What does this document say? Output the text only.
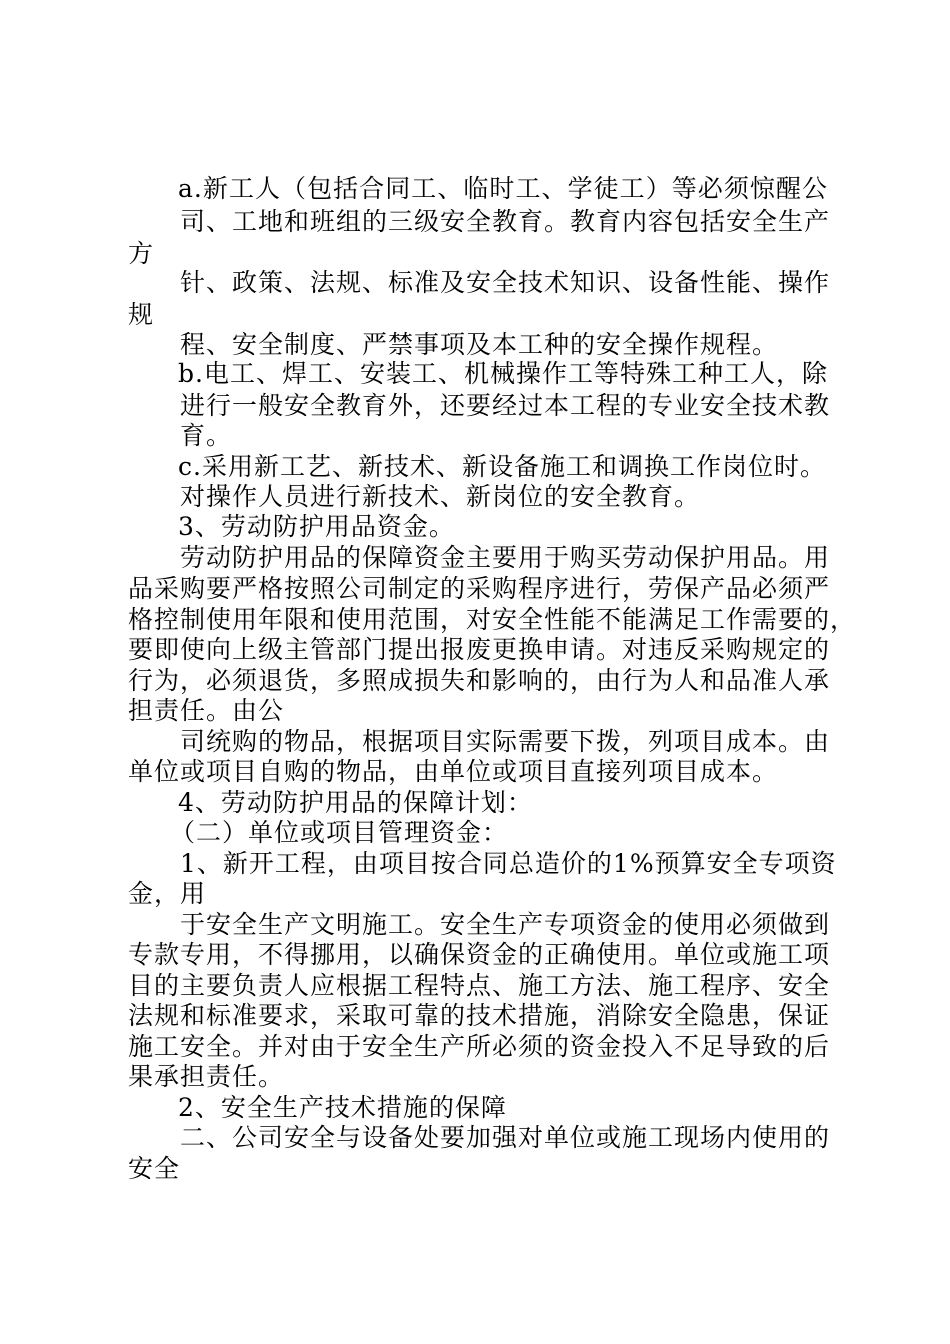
a.新工人（包括合同工、临时工、学徒工）等必须惊醒公
司、工地和班组的三级安全教育。教育内容包括安全生产
方
针、政策、法规、标准及安全技术知识、设备性能、操作
规
程、安全制度、严禁事项及本工种的安全操作规程。
b.电工、焊工、安装工、机械操作工等特殊工种工人，除
进行一般安全教育外，还要经过本工程的专业安全技术教
育。
c.采用新工艺、新技术、新设备施工和调换工作岗位时。
对操作人员进行新技术、新岗位的安全教育。
3、劳动防护用品资金。
劳动防护用品的保障资金主要用于购买劳动保护用品。用
品采购要严格按照公司制定的采购程序进行，劳保产品必须严
格控制使用年限和使用范围，对安全性能不能满足工作需要的，
要即使向上级主管部门提出报废更换申请。对违反采购规定的
行为，必须退货，多照成损失和影响的，由行为人和品准人承
担责任。由公
司统购的物品，根据项目实际需要下拨，列项目成本。由
单位或项目自购的物品，由单位或项目直接列项目成本。
4、劳动防护用品的保障计划：
（二）单位或项目管理资金：
1、新开工程，由项目按合同总造价的1%预算安全专项资
金，用
于安全生产文明施工。安全生产专项资金的使用必须做到
专款专用，不得挪用，以确保资金的正确使用。单位或施工项
目的主要负责人应根据工程特点、施工方法、施工程序、安全
法规和标准要求，采取可靠的技术措施，消除安全隐患，保证
施工安全。并对由于安全生产所必须的资金投入不足导致的后
果承担责任。
2、安全生产技术措施的保障
二、公司安全与设备处要加强对单位或施工现场内使用的
安全
